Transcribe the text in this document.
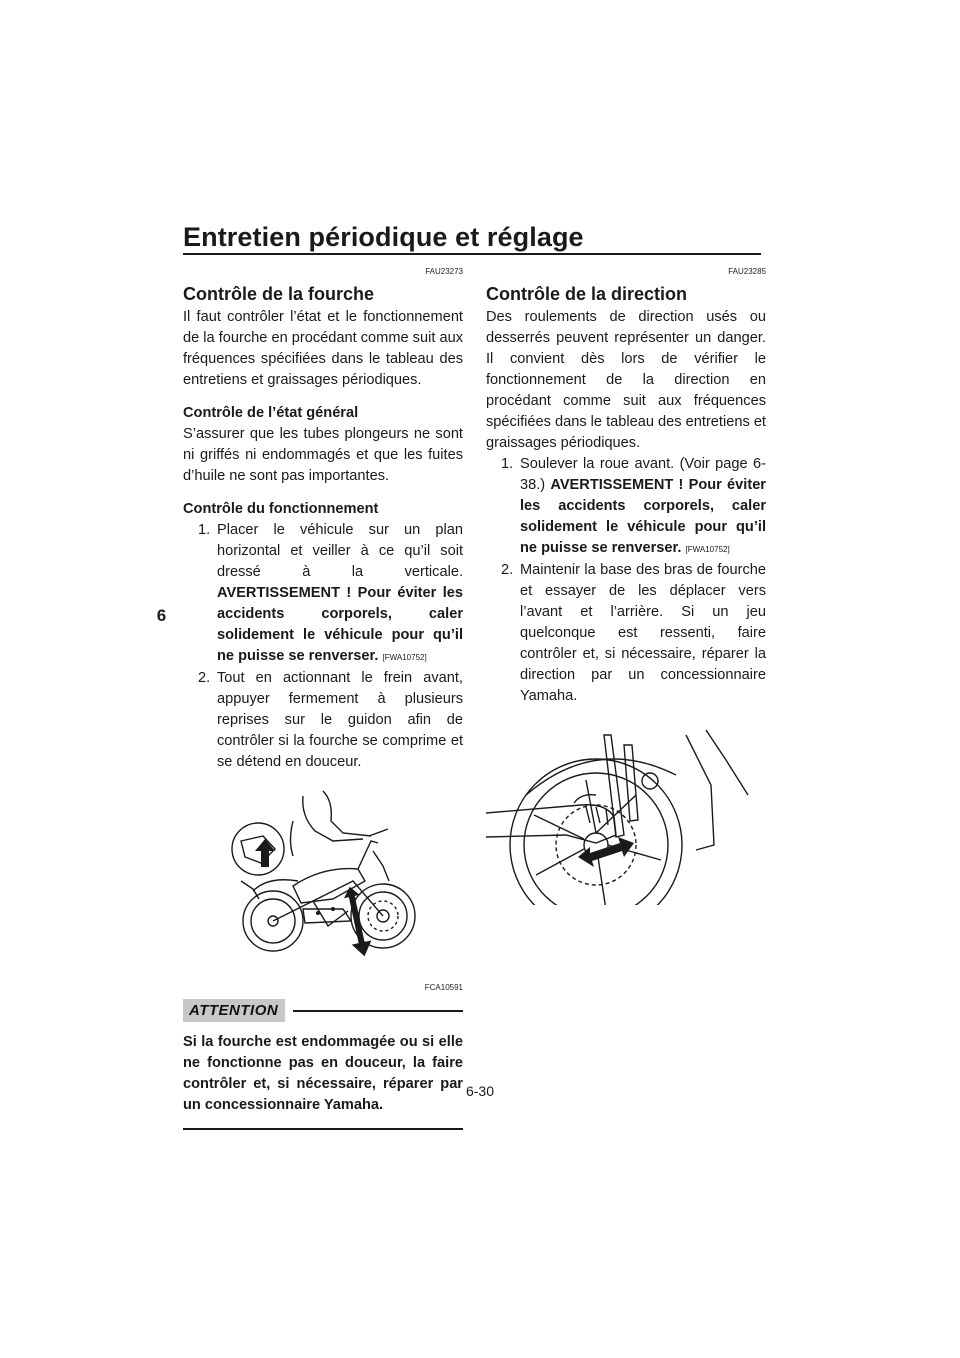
Entretien périodique et réglage
6
FAU23273
Contrôle de la fourche

Il faut contrôler l’état et le fonctionnement de la fourche en procédant comme suit aux fréquences spécifiées dans le tableau des entretiens et graissages périodiques.

Contrôle de l’état général

S’assurer que les tubes plongeurs ne sont ni griffés ni endommagés et que les fuites d’huile ne sont pas importantes.

Contrôle du fonctionnement

1. Placer le véhicule sur un plan horizontal et veiller à ce qu’il soit dressé à la verticale. AVERTISSEMENT ! Pour éviter les accidents corporels, caler solidement le véhicule pour qu’il ne puisse se renverser. [FWA10752]
2. Tout en actionnant le frein avant, appuyer fermement à plusieurs reprises sur le guidon afin de contrôler si la fourche se comprime et se détend en douceur.
FCA10591
ATTENTION

Si la fourche est endommagée ou si elle ne fonctionne pas en douceur, la faire contrôler et, si nécessaire, réparer par un concessionnaire Yamaha.

FAU23285
Contrôle de la direction

Des roulements de direction usés ou desserrés peuvent représenter un danger. Il convient dès lors de vérifier le fonctionnement de la direction en procédant comme suit aux fréquences spécifiées dans le tableau des entretiens et graissages périodiques.

1. Soulever la roue avant. (Voir page 6-38.) AVERTISSEMENT ! Pour éviter les accidents corporels, caler solidement le véhicule pour qu’il ne puisse se renverser. [FWA10752]
2. Maintenir la base des bras de fourche et essayer de les déplacer vers l’avant et l’arrière. Si un jeu quelconque est ressenti, faire contrôler et, si nécessaire, réparer la direction par un concessionnaire Yamaha.

6-30
